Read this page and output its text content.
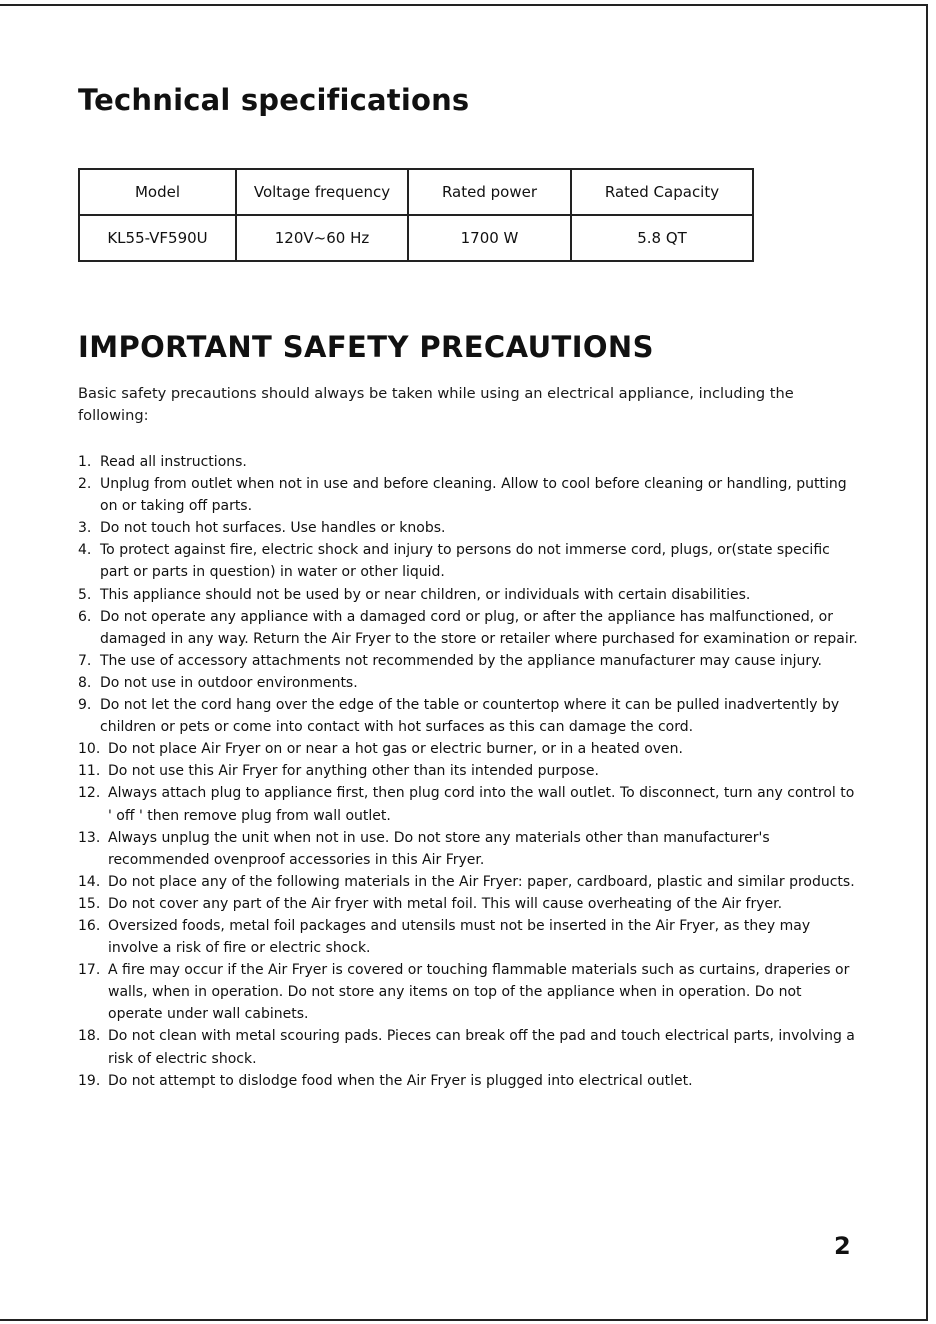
Technical specifications
Model	Voltage frequency	Rated power	Rated Capacity
KL55-VF590U	120V~60 Hz	1700 W	5.8 QT
IMPORTANT SAFETY PRECAUTIONS

Basic safety precautions should always be taken while using an electrical appliance, including the following:

1. Read all instructions.
2. Unplug from outlet when not in use and before cleaning. Allow to cool before cleaning or handling, putting on or taking off parts.
3. Do not touch hot surfaces. Use handles or knobs.
4. To protect against fire, electric shock and injury to persons do not immerse cord, plugs, or(state specific part or parts in question) in water or other liquid.
5. This appliance should not be used by or near children, or individuals with certain disabilities.
6. Do not operate any appliance with a damaged cord or plug, or after the appliance has malfunctioned, or damaged in any way. Return the Air Fryer to the store or retailer where purchased for examination or repair.
7. The use of accessory attachments not recommended by the appliance manufacturer may cause injury.
8. Do not use in outdoor environments.
9. Do not let the cord hang over the edge of the table or countertop where it can be pulled inadvertently by children or pets or come into contact with hot surfaces as this can damage the cord.
10. Do not place Air Fryer on or near a hot gas or electric burner, or in a heated oven.
11. Do not use this Air Fryer for anything other than its intended purpose.
12. Always attach plug to appliance first, then plug cord into the wall outlet. To disconnect, turn any control to ' off ' then remove plug from wall outlet.
13. Always unplug the unit when not in use. Do not store any materials other than manufacturer's recommended ovenproof accessories in this Air Fryer.
14. Do not place any of the following materials in the Air Fryer: paper, cardboard, plastic and similar products.
15. Do not cover any part of the Air fryer with metal foil. This will cause overheating of the Air fryer.
16. Oversized foods, metal foil packages and utensils must not be inserted in the Air Fryer, as they may involve a risk of fire or electric shock.
17. A fire may occur if the Air Fryer is covered or touching flammable materials such as curtains, draperies or walls, when in operation. Do not store any items on top of the appliance when in operation. Do not operate under wall cabinets.
18. Do not clean with metal scouring pads. Pieces can break off the pad and touch electrical parts, involving a risk of electric shock.
19. Do not attempt to dislodge food when the Air Fryer is plugged into electrical outlet.
2
